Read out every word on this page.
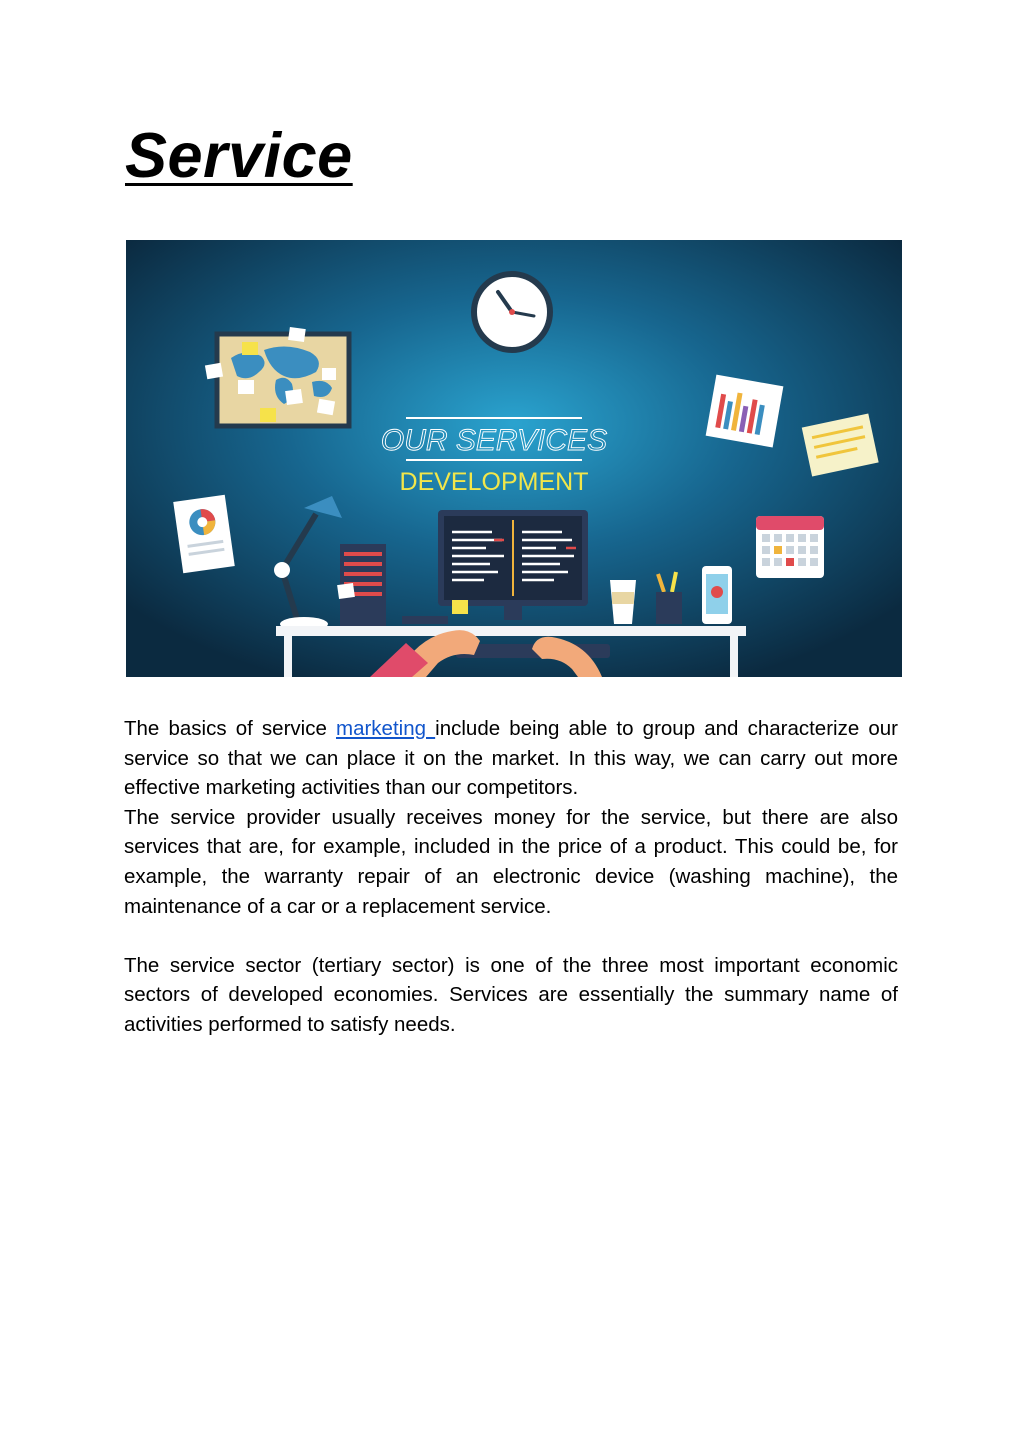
Service
OUR SERVICES
DEVELOPMENT

The basics of service marketing include being able to group and characterize our service so that we can place it on the market. In this way, we can carry out more effective marketing activities than our competitors.

The service provider usually receives money for the service, but there are also services that are, for example, included in the price of a product. This could be, for example, the warranty repair of an electronic device (washing machine), the maintenance of a car or a replacement service.

The service sector (tertiary sector) is one of the three most important economic sectors of developed economies. Services are essentially the summary name of activities performed to satisfy needs.
